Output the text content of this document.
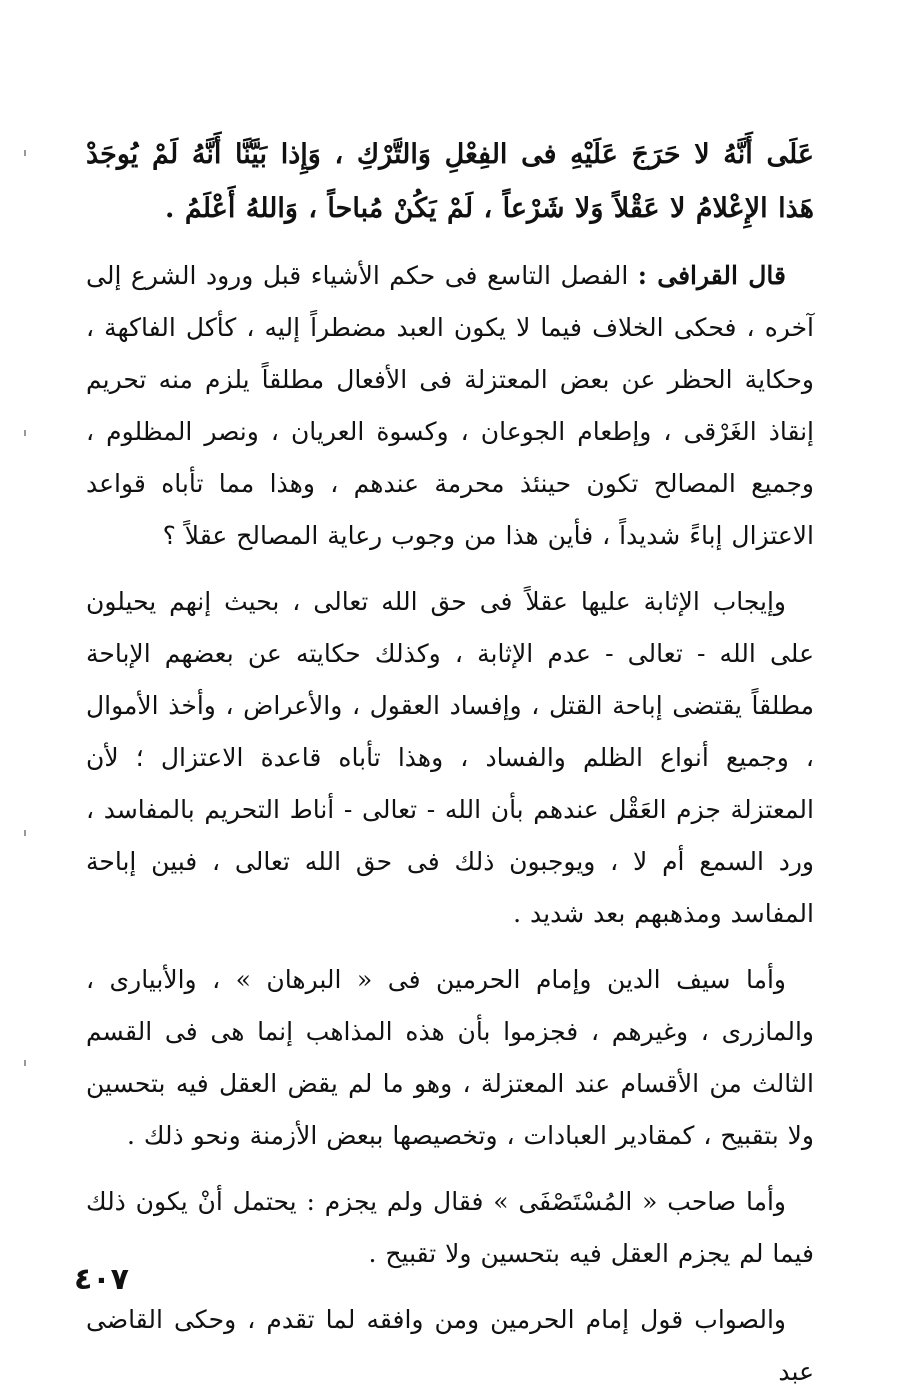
عَلَى أَنَّهُ لا حَرَجَ عَلَيْهِ فى الفِعْلِ وَالتَّرْكِ ، وَإِذا بَيَّنَّا أَنَّهُ لَمْ يُوجَدْ هَذا الإِعْلامُ لا عَقْلاً وَلا شَرْعاً ، لَمْ يَكُنْ مُباحاً ، وَاللهُ أَعْلَمُ .

قال القرافى : الفصل التاسع فى حكم الأشياء قبل ورود الشرع إلى آخره ، فحكى الخلاف فيما لا يكون العبد مضطراً إليه ، كأكل الفاكهة ، وحكاية الحظر عن بعض المعتزلة فى الأفعال مطلقاً يلزم منه تحريم إنقاذ الغَرْقى ، وإطعام الجوعان ، وكسوة العريان ، ونصر المظلوم ، وجميع المصالح تكون حينئذ محرمة عندهم ، وهذا مما تأباه قواعد الاعتزال إباءً شديداً ، فأين هذا من وجوب رعاية المصالح عقلاً ؟

وإيجاب الإثابة عليها عقلاً فى حق الله تعالى ، بحيث إنهم يحيلون على الله - تعالى - عدم الإثابة ، وكذلك حكايته عن بعضهم الإباحة مطلقاً يقتضى إباحة القتل ، وإفساد العقول ، والأعراض ، وأخذ الأموال ، وجميع أنواع الظلم والفساد ، وهذا تأباه قاعدة الاعتزال ؛ لأن المعتزلة جزم العَقْل عندهم بأن الله - تعالى - أناط التحريم بالمفاسد ، ورد السمع أم لا ، ويوجبون ذلك فى حق الله تعالى ، فبين إباحة المفاسد ومذهبهم بعد شديد .

وأما سيف الدين وإمام الحرمين فى « البرهان » ، والأبيارى ، والمازرى ، وغيرهم ، فجزموا بأن هذه المذاهب إنما هى فى القسم الثالث من الأقسام عند المعتزلة ، وهو ما لم يقض العقل فيه بتحسين ولا بتقبيح ، كمقادير العبادات ، وتخصيصها ببعض الأزمنة ونحو ذلك .

وأما صاحب « المُسْتَصْفَى » فقال ولم يجزم : يحتمل أنْ يكون ذلك فيما لم يجزم العقل فيه بتحسين ولا تقبيح .

والصواب قول إمام الحرمين ومن وافقه لما تقدم ، وحكى القاضى عبد

٤٠٧
